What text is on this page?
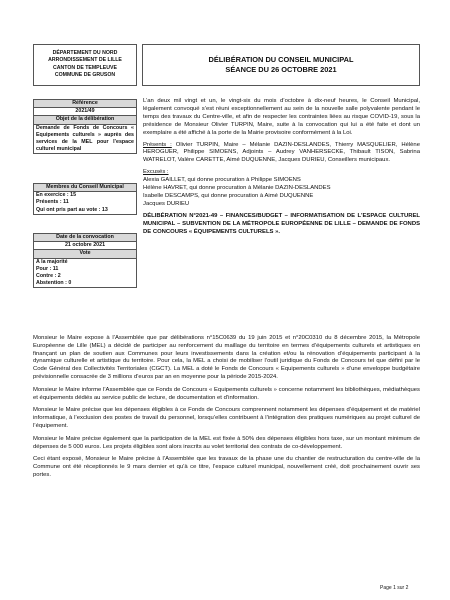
DÉPARTEMENT DU NORD
ARRONDISSEMENT DE LILLE
CANTON DE TEMPLEUVE
COMMUNE DE GRUSON
DÉLIBÉRATION DU CONSEIL MUNICIPAL
SÉANCE DU 26 OCTOBRE 2021
Référence
2021/49
Objet de la délibération
Demande de Fonds de Concours « Equipements culturels » auprès des services de la MEL pour l’espace culturel municipal
Membres du Conseil Municipal
En exercice : 15
Présents : 11
Qui ont pris part au vote : 13
Date de la convocation
21 octobre 2021
Vote
A la majorité
Pour : 11
Contre : 2
Abstention : 0

L’an deux mil vingt et un, le vingt-six du mois d’octobre à dix-neuf heures, le Conseil Municipal, légalement convoqué s’est réuni exceptionnellement au sein de la nouvelle salle polyvalente pendant le temps des travaux du Centre-ville, et afin de respecter les contraintes liées au risque COVID-19, sous la présidence de Monsieur Olivier TURPIN, Maire, suite à la convocation qui lui a été faite et dont un exemplaire a été affiché à la porte de la Mairie provisoire conformément à la Loi.

Présents : Olivier TURPIN, Maire – Mélanie DAZIN-DESLANDES, Thierry MASQUELIER, Hélène HEROGUER, Philippe SIMOENS, Adjoints – Audrey VANHERSECKE, Thibault TISON, Sabrina WATRELOT, Valère CARETTE, Aimé DUQUENNE, Jacques DURIEU, Conseillers municipaux.

Excusés :
Alexia GAILLET, qui donne procuration à Philippe SIMOENS
Hélène HAVRET, qui donne procuration à Mélanie DAZIN-DESLANDES
Isabelle DESCAMPS, qui donne procuration à Aimé DUQUENNE
Jacques DURIEU

DÉLIBÉRATION N°2021-49 – FINANCES/BUDGET – INFORMATISATION DE L’ESPACE CULTUREL MUNICIPAL – SUBVENTION DE LA MÉTROPOLE EUROPÉENNE DE LILLE – DEMANDE DE FONDS DE CONCOURS « ÉQUIPEMENTS CULTURELS ».

Monsieur le Maire expose à l’Assemblée que par délibérations n°15C0639 du 19 juin 2015 et n°20C0310 du 8 décembre 2015, la Métropole Européenne de Lille (MEL) a décidé de participer au renforcement du maillage du territoire en termes d’équipements culturels et artistiques en finançant un plan de soutien aux Communes pour leurs investissements dans la création et/ou la rénovation d’équipements participant à la dynamique culturelle et artistique du territoire. Pour cela, la MEL a choisi de mobiliser l’outil juridique du Fonds de Concours tel que défini par le Code Général des Collectivités Territoriales (CGCT). La MEL a doté le Fonds de Concours « Equipements culturels » d’une enveloppe budgétaire prévisionnelle consacrée de 3 millions d’euros par an en moyenne pour la période 2015-2024.

Monsieur le Maire informe l’Assemblée que ce Fonds de Concours « Equipements culturels » concerne notamment les bibliothèques, médiathèques et équipements dédiés au service public de lecture, de documentation et d’information.

Monsieur le Maire précise que les dépenses éligibles à ce Fonds de Concours comprennent notamment les dépenses d’équipement et de matériel informatique, à l’exclusion des postes de travail du personnel, lorsqu’elles contribuent à l’intégration des pratiques numériques au projet culturel de l’équipement.

Monsieur le Maire précise également que la participation de la MEL est fixée à 50% des dépenses éligibles hors taxe, sur un montant minimum de dépenses de 5 000 euros. Les projets éligibles sont alors inscrits au volet territorial des contrats de co-développement.

Ceci étant exposé, Monsieur le Maire précise à l’Assemblée que les travaux de la phase une du chantier de restructuration du centre-ville de la Commune ont été réceptionnés le 9 mars dernier et qu’à ce titre, l’espace culturel municipal, nouvellement créé, doit prochainement ouvrir ses portes.

Page 1 sur 2
